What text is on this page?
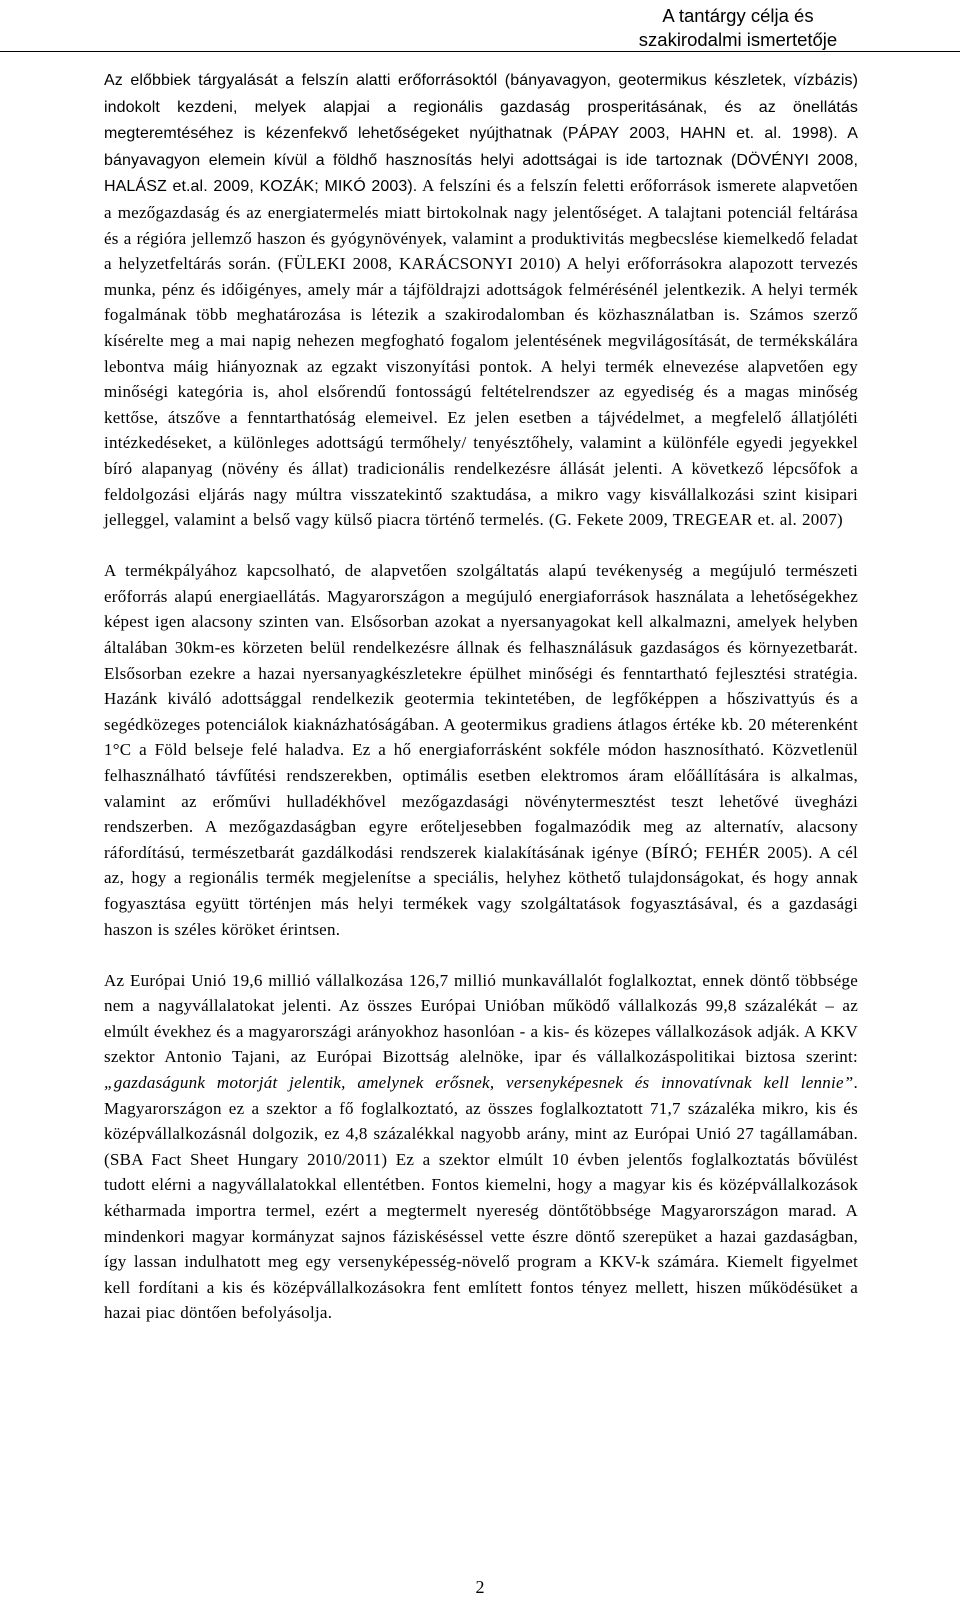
A tantárgy célja és
szakirodalmi ismertetője

Az előbbiek tárgyalását a felszín alatti erőforrásoktól (bányavagyon, geotermikus készletek, vízbázis) indokolt kezdeni, melyek alapjai a regionális gazdaság prosperitásának, és az önellátás megteremtéséhez is kézenfekvő lehetőségeket nyújthatnak (PÁPAY 2003, HAHN et. al. 1998). A bányavagyon elemein kívül a földhő hasznosítás helyi adottságai is ide tartoznak (DÖVÉNYI 2008, HALÁSZ et.al. 2009, KOZÁK; MIKÓ 2003). A felszíni és a felszín feletti erőforrások ismerete alapvetően a mezőgazdaság és az energiatermelés miatt birtokolnak nagy jelentőséget. A talajtani potenciál feltárása és a régióra jellemző haszon és gyógynövények, valamint a produktivitás megbecslése kiemelkedő feladat a helyzetfeltárás során. (FÜLEKI 2008, KARÁCSONYI 2010) A helyi erőforrásokra alapozott tervezés munka, pénz és időigényes, amely már a tájföldrajzi adottságok felmérésénél jelentkezik. A helyi termék fogalmának több meghatározása is létezik a szakirodalomban és közhasználatban is. Számos szerző kísérelte meg a mai napig nehezen megfogható fogalom jelentésének megvilágosítását, de termékskálára lebontva máig hiányoznak az egzakt viszonyítási pontok. A helyi termék elnevezése alapvetően egy minőségi kategória is, ahol elsőrendű fontosságú feltételrendszer az egyediség és a magas minőség kettőse, átszőve a fenntarthatóság elemeivel. Ez jelen esetben a tájvédelmet, a megfelelő állatjóléti intézkedéseket, a különleges adottságú termőhely/ tenyésztőhely, valamint a különféle egyedi jegyekkel bíró alapanyag (növény és állat) tradicionális rendelkezésre állását jelenti. A következő lépcsőfok a feldolgozási eljárás nagy múltra visszatekintő szaktudása, a mikro vagy kisvállalkozási szint kisipari jelleggel, valamint a belső vagy külső piacra történő termelés. (G. Fekete 2009, TREGEAR et. al. 2007)

A termékpályához kapcsolható, de alapvetően szolgáltatás alapú tevékenység a megújuló természeti erőforrás alapú energiaellátás. Magyarországon a megújuló energiaforrások használata a lehetőségekhez képest igen alacsony szinten van. Elsősorban azokat a nyersanyagokat kell alkalmazni, amelyek helyben általában 30km-es körzeten belül rendelkezésre állnak és felhasználásuk gazdaságos és környezetbarát. Elsősorban ezekre a hazai nyersanyagkészletekre épülhet minőségi és fenntartható fejlesztési stratégia. Hazánk kiváló adottsággal rendelkezik geotermia tekintetében, de legfőképpen a hőszivattyús és a segédközeges potenciálok kiaknázhatóságában. A geotermikus gradiens átlagos értéke kb. 20 méterenként 1°C a Föld belseje felé haladva. Ez a hő energiaforrásként sokféle módon hasznosítható. Közvetlenül felhasználható távfűtési rendszerekben, optimális esetben elektromos áram előállítására is alkalmas, valamint az erőművi hulladékhővel mezőgazdasági növénytermesztést teszt lehetővé üvegházi rendszerben. A mezőgazdaságban egyre erőteljesebben fogalmazódik meg az alternatív, alacsony ráfordítású, természetbarát gazdálkodási rendszerek kialakításának igénye (BÍRÓ; FEHÉR 2005). A cél az, hogy a regionális termék megjelenítse a speciális, helyhez köthető tulajdonságokat, és hogy annak fogyasztása együtt történjen más helyi termékek vagy szolgáltatások fogyasztásával, és a gazdasági haszon is széles köröket érintsen.

Az Európai Unió 19,6 millió vállalkozása 126,7 millió munkavállalót foglalkoztat, ennek döntő többsége nem a nagyvállalatokat jelenti. Az összes Európai Unióban működő vállalkozás 99,8 százalékát – az elmúlt évekhez és a magyarországi arányokhoz hasonlóan - a kis- és közepes vállalkozások adják. A KKV szektor Antonio Tajani, az Európai Bizottság alelnöke, ipar és vállalkozáspolitikai biztosa szerint: „gazdaságunk motorját jelentik, amelynek erősnek, versenyképesnek és innovatívnak kell lennie”. Magyarországon ez a szektor a fő foglalkoztató, az összes foglalkoztatott 71,7 százaléka mikro, kis és középvállalkozásnál dolgozik, ez 4,8 százalékkal nagyobb arány, mint az Európai Unió 27 tagállamában. (SBA Fact Sheet Hungary 2010/2011) Ez a szektor elmúlt 10 évben jelentős foglalkoztatás bővülést tudott elérni a nagyvállalatokkal ellentétben. Fontos kiemelni, hogy a magyar kis és középvállalkozások kétharmada importra termel, ezért a megtermelt nyereség döntőtöbbsége Magyarországon marad. A mindenkori magyar kormányzat sajnos fáziskéséssel vette észre döntő szerepüket a hazai gazdaságban, így lassan indulhatott meg egy versenyképesség-növelő program a KKV-k számára. Kiemelt figyelmet kell fordítani a kis és középvállalkozásokra fent említett fontos tényez mellett, hiszen működésüket a hazai piac döntően befolyásolja.

2
